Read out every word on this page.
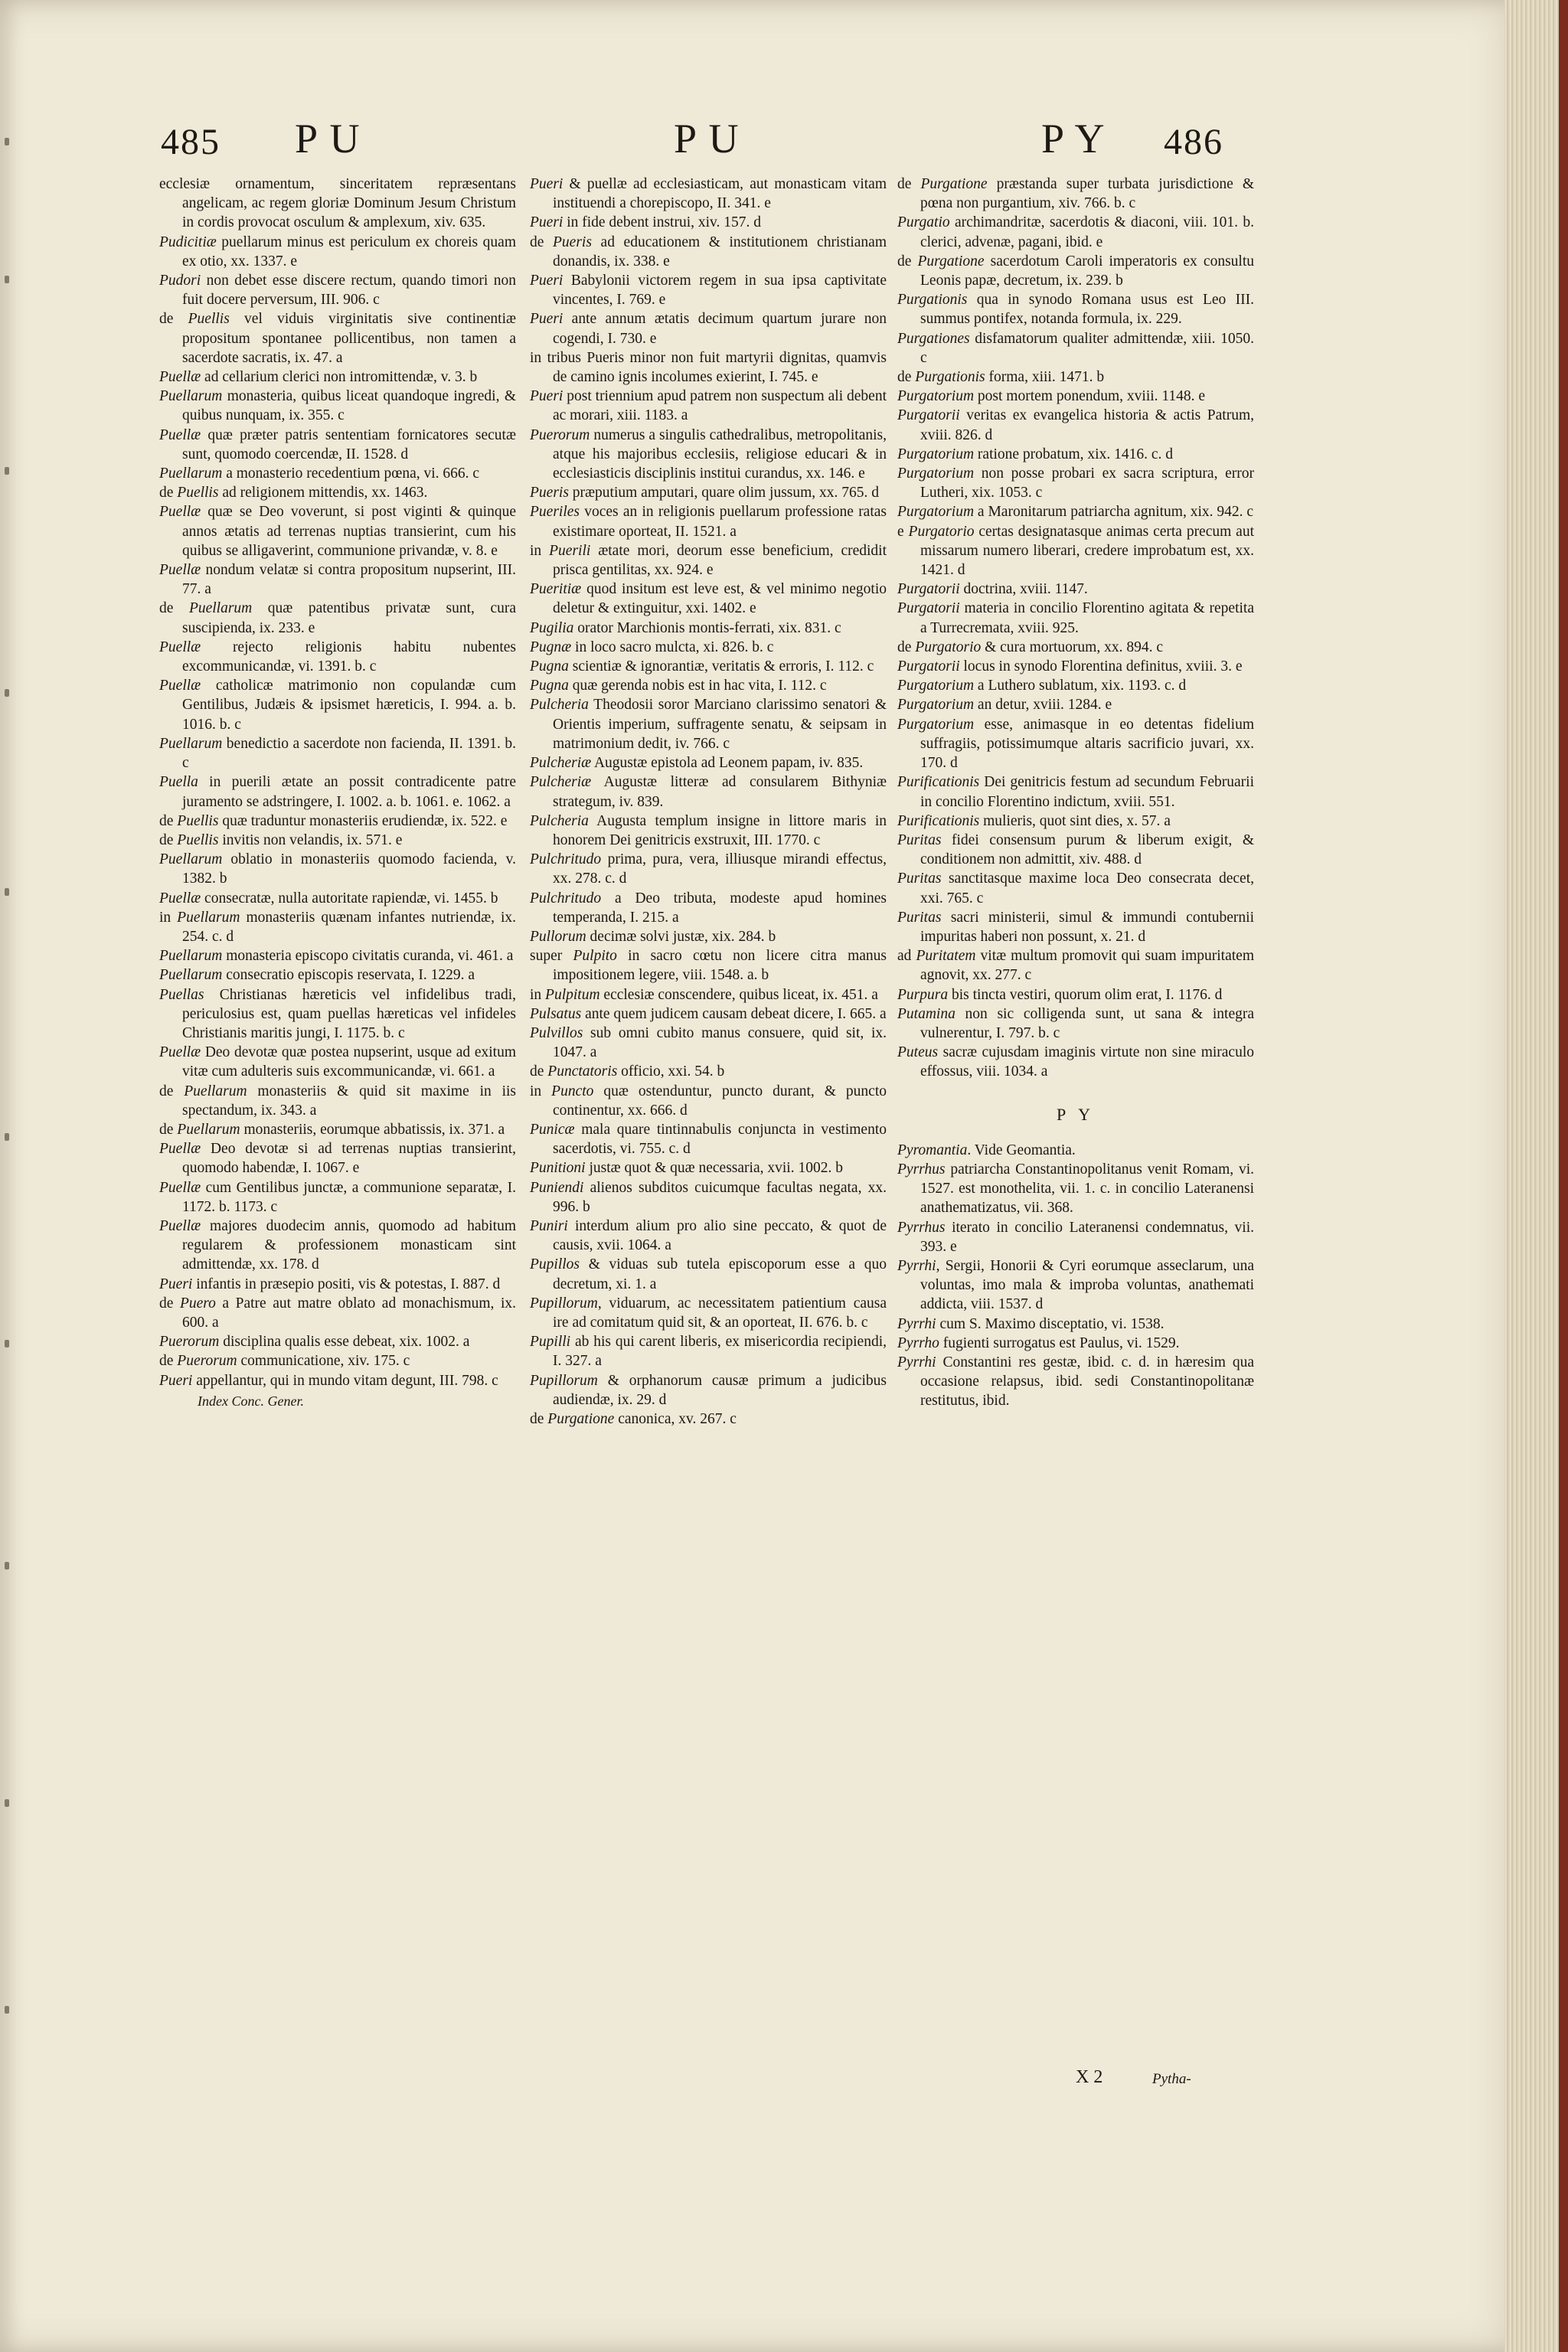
485 P U	P U	P Y 486

ecclesiæ ornamentum, sinceritatem repræsentans angelicam, ac regem gloriæ Dominum Jesum Christum in cordis provocat osculum & amplexum, xiv. 635.

Pudicitiæ puellarum minus est periculum ex choreis quam ex otio, xx. 1337. e

Pudori non debet esse discere rectum, quando timori non fuit docere perversum, III. 906. c

de Puellis vel viduis virginitatis sive continentiæ propositum spontanee pollicentibus, non tamen a sacerdote sacratis, ix. 47. a

Puellæ ad cellarium clerici non intromittendæ, v. 3. b

Puellarum monasteria, quibus liceat quandoque ingredi, & quibus nunquam, ix. 355. c

Puellæ quæ præter patris sententiam fornicatores secutæ sunt, quomodo coercendæ, II. 1528. d

Puellarum a monasterio recedentium pœna, vi. 666. c

de Puellis ad religionem mittendis, xx. 1463.

Puellæ quæ se Deo voverunt, si post viginti & quinque annos ætatis ad terrenas nuptias transierint, cum his quibus se alligaverint, communione privandæ, v. 8. e

Puellæ nondum velatæ si contra propositum nupserint, III. 77. a

de Puellarum quæ patentibus privatæ sunt, cura suscipienda, ix. 233. e

Puellæ rejecto religionis habitu nubentes excommunicandæ, vi. 1391. b. c

Puellæ catholicæ matrimonio non copulandæ cum Gentilibus, Judæis & ipsismet hæreticis, I. 994. a. b. 1016. b. c

Puellarum benedictio a sacerdote non facienda, II. 1391. b. c

Puella in puerili ætate an possit contradicente patre juramento se adstringere, I. 1002. a. b. 1061. e. 1062. a

de Puellis quæ traduntur monasteriis erudiendæ, ix. 522. e

de Puellis invitis non velandis, ix. 571. e

Puellarum oblatio in monasteriis quomodo facienda, v. 1382. b

Puellæ consecratæ, nulla autoritate rapiendæ, vi. 1455. b

in Puellarum monasteriis quænam infantes nutriendæ, ix. 254. c. d

Puellarum monasteria episcopo civitatis curanda, vi. 461. a

Puellarum consecratio episcopis reservata, I. 1229. a

Puellas Christianas hæreticis vel infidelibus tradi, periculosius est, quam puellas hæreticas vel infideles Christianis maritis jungi, I. 1175. b. c

Puellæ Deo devotæ quæ postea nupserint, usque ad exitum vitæ cum adulteris suis excommunicandæ, vi. 661. a

de Puellarum monasteriis & quid sit maxime in iis spectandum, ix. 343. a

de Puellarum monasteriis, eorumque abbatissis, ix. 371. a

Puellæ Deo devotæ si ad terrenas nuptias transierint, quomodo habendæ, I. 1067. e

Puellæ cum Gentilibus junctæ, a communione separatæ, I. 1172. b. 1173. c

Puellæ majores duodecim annis, quomodo ad habitum regularem & professionem monasticam sint admittendæ, xx. 178. d

Pueri infantis in præsepio positi, vis & potestas, I. 887. d

de Puero a Patre aut matre oblato ad monachismum, ix. 600. a

Puerorum disciplina qualis esse debeat, xix. 1002. a

de Puerorum communicatione, xiv. 175. c

Pueri appellantur, qui in mundo vitam degunt, III. 798. c

Index Conc. Gener.

Pueri & puellæ ad ecclesiasticam, aut monasticam vitam instituendi a chorepiscopo, II. 341. e

Pueri in fide debent instrui, xiv. 157. d

de Pueris ad educationem & institutionem christianam donandis, ix. 338. e

Pueri Babylonii victorem regem in sua ipsa captivitate vincentes, I. 769. e

Pueri ante annum ætatis decimum quartum jurare non cogendi, I. 730. e

in tribus Pueris minor non fuit martyrii dignitas, quamvis de camino ignis incolumes exierint, I. 745. e

Pueri post triennium apud patrem non suspectum ali debent ac morari, xiii. 1183. a

Puerorum numerus a singulis cathedralibus, metropolitanis, atque his majoribus ecclesiis, religiose educari & in ecclesiasticis disciplinis institui curandus, xx. 146. e

Pueris præputium amputari, quare olim jussum, xx. 765. d

Pueriles voces an in religionis puellarum professione ratas existimare oporteat, II. 1521. a

in Puerili ætate mori, deorum esse beneficium, credidit prisca gentilitas, xx. 924. e

Pueritiæ quod insitum est leve est, & vel minimo negotio deletur & extinguitur, xxi. 1402. e

Pugilia orator Marchionis montis-ferrati, xix. 831. c

Pugnæ in loco sacro mulcta, xi. 826. b. c

Pugna scientiæ & ignorantiæ, veritatis & erroris, I. 112. c

Pugna quæ gerenda nobis est in hac vita, I. 112. c

Pulcheria Theodosii soror Marciano clarissimo senatori & Orientis imperium, suffragente senatu, & seipsam in matrimonium dedit, iv. 766. c

Pulcheriæ Augustæ epistola ad Leonem papam, iv. 835.

Pulcheriæ Augustæ litteræ ad consularem Bithyniæ strategum, iv. 839.

Pulcheria Augusta templum insigne in littore maris in honorem Dei genitricis exstruxit, III. 1770. c

Pulchritudo prima, pura, vera, illiusque mirandi effectus, xx. 278. c. d

Pulchritudo a Deo tributa, modeste apud homines temperanda, I. 215. a

Pullorum decimæ solvi justæ, xix. 284. b

super Pulpito in sacro cœtu non licere citra manus impositionem legere, viii. 1548. a. b

in Pulpitum ecclesiæ conscendere, quibus liceat, ix. 451. a

Pulsatus ante quem judicem causam debeat dicere, I. 665. a

Pulvillos sub omni cubito manus consuere, quid sit, ix. 1047. a

de Punctatoris officio, xxi. 54. b

in Puncto quæ ostenduntur, puncto durant, & puncto continentur, xx. 666. d

Punicæ mala quare tintinnabulis conjuncta in vestimento sacerdotis, vi. 755. c. d

Punitioni justæ quot & quæ necessaria, xvii. 1002. b

Puniendi alienos subditos cuicumque facultas negata, xx. 996. b

Puniri interdum alium pro alio sine peccato, & quot de causis, xvii. 1064. a

Pupillos & viduas sub tutela episcoporum esse a quo decretum, xi. 1. a

Pupillorum, viduarum, ac necessitatem patientium causa ire ad comitatum quid sit, & an oporteat, II. 676. b. c

Pupilli ab his qui carent liberis, ex misericordia recipiendi, I. 327. a

Pupillorum & orphanorum causæ primum a judicibus audiendæ, ix. 29. d

de Purgatione canonica, xv. 267. c

de Purgatione præstanda super turbata jurisdictione & pœna non purgantium, xiv. 766. b. c

Purgatio archimandritæ, sacerdotis & diaconi, viii. 101. b. clerici, advenæ, pagani, ibid. e

de Purgatione sacerdotum Caroli imperatoris ex consultu Leonis papæ, decretum, ix. 239. b

Purgationis qua in synodo Romana usus est Leo III. summus pontifex, notanda formula, ix. 229.

Purgationes disfamatorum qualiter admittendæ, xiii. 1050. c

de Purgationis forma, xiii. 1471. b

Purgatorium post mortem ponendum, xviii. 1148. e

Purgatorii veritas ex evangelica historia & actis Patrum, xviii. 826. d

Purgatorium ratione probatum, xix. 1416. c. d

Purgatorium non posse probari ex sacra scriptura, error Lutheri, xix. 1053. c

Purgatorium a Maronitarum patriarcha agnitum, xix. 942. c

e Purgatorio certas designatasque animas certa precum aut missarum numero liberari, credere improbatum est, xx. 1421. d

Purgatorii doctrina, xviii. 1147.

Purgatorii materia in concilio Florentino agitata & repetita a Turrecremata, xviii. 925.

de Purgatorio & cura mortuorum, xx. 894. c

Purgatorii locus in synodo Florentina definitus, xviii. 3. e

Purgatorium a Luthero sublatum, xix. 1193. c. d

Purgatorium an detur, xviii. 1284. e

Purgatorium esse, animasque in eo detentas fidelium suffragiis, potissimumque altaris sacrificio juvari, xx. 170. d

Purificationis Dei genitricis festum ad secundum Februarii in concilio Florentino indictum, xviii. 551.

Purificationis mulieris, quot sint dies, x. 57. a

Puritas fidei consensum purum & liberum exigit, & conditionem non admittit, xiv. 488. d

Puritas sanctitasque maxime loca Deo consecrata decet, xxi. 765. c

Puritas sacri ministerii, simul & immundi contubernii impuritas haberi non possunt, x. 21. d

ad Puritatem vitæ multum promovit qui suam impuritatem agnovit, xx. 277. c

Purpura bis tincta vestiri, quorum olim erat, I. 1176. d

Putamina non sic colligenda sunt, ut sana & integra vulnerentur, I. 797. b. c

Puteus sacræ cujusdam imaginis virtute non sine miraculo effossus, viii. 1034. a

P Y

Pyromantia. Vide Geomantia.

Pyrrhus patriarcha Constantinopolitanus venit Romam, vi. 1527. est monothelita, vii. 1. c. in concilio Lateranensi anathematizatus, vii. 368.

Pyrrhus iterato in concilio Lateranensi condemnatus, vii. 393. e

Pyrrhi, Sergii, Honorii & Cyri eorumque asseclarum, una voluntas, imo mala & improba voluntas, anathemati addicta, viii. 1537. d

Pyrrhi cum S. Maximo disceptatio, vi. 1538.

Pyrrho fugienti surrogatus est Paulus, vi. 1529.

Pyrrhi Constantini res gestæ, ibid. c. d. in hæresim qua occasione relapsus, ibid. sedi Constantinopolitanæ restitutus, ibid.

X 2	Pytha-
